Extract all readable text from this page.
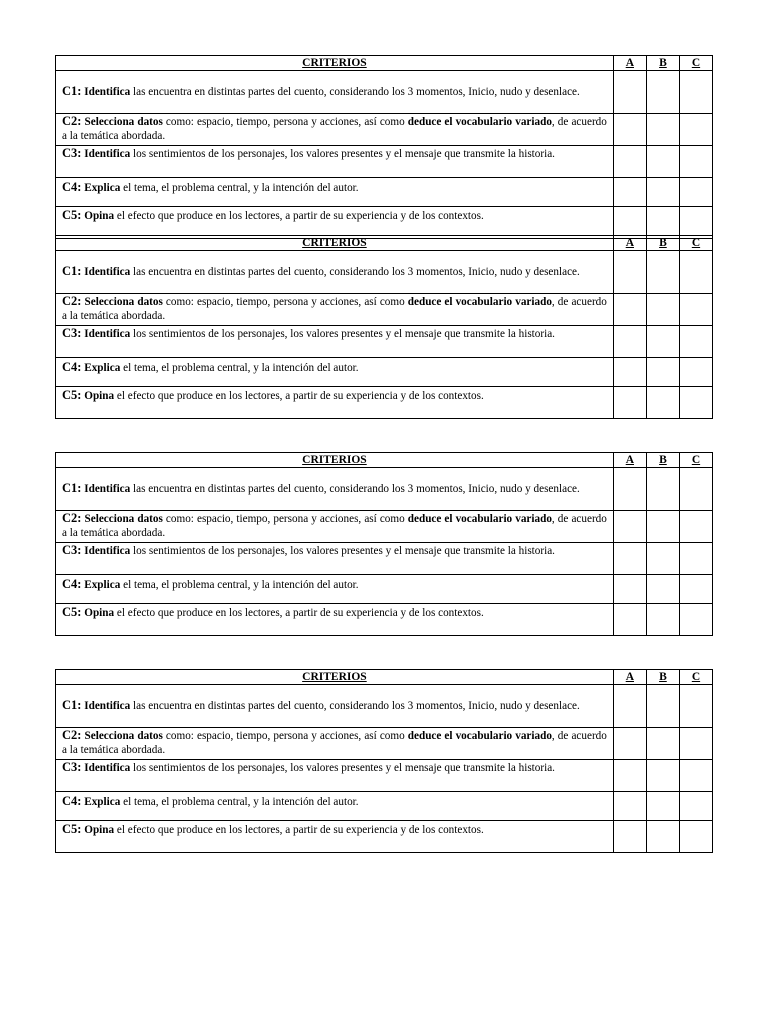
CRITERIOS	A	B	C
C1: Identifica las encuentra en distintas partes del cuento, considerando los 3 momentos, Inicio, nudo y desenlace.			
C2: Selecciona datos como: espacio, tiempo, persona y acciones, así como deduce el vocabulario variado, de acuerdo a la temática abordada.			
C3: Identifica los sentimientos de los personajes, los valores presentes y el mensaje que transmite la historia.			
C4: Explica el tema, el problema central, y la intención del autor.			
C5: Opina el efecto que produce en los lectores, a partir de su experiencia y de los contextos.			
CRITERIOS	A	B	C
C1: Identifica las encuentra en distintas partes del cuento, considerando los 3 momentos, Inicio, nudo y desenlace.			
C2: Selecciona datos como: espacio, tiempo, persona y acciones, así como deduce el vocabulario variado, de acuerdo a la temática abordada.			
C3: Identifica los sentimientos de los personajes, los valores presentes y el mensaje que transmite la historia.			
C4: Explica el tema, el problema central, y la intención del autor.			
C5: Opina el efecto que produce en los lectores, a partir de su experiencia y de los contextos.			
CRITERIOS	A	B	C
C1: Identifica las encuentra en distintas partes del cuento, considerando los 3 momentos, Inicio, nudo y desenlace.			
C2: Selecciona datos como: espacio, tiempo, persona y acciones, así como deduce el vocabulario variado, de acuerdo a la temática abordada.			
C3: Identifica los sentimientos de los personajes, los valores presentes y el mensaje que transmite la historia.			
C4: Explica el tema, el problema central, y la intención del autor.			
C5: Opina el efecto que produce en los lectores, a partir de su experiencia y de los contextos.			
CRITERIOS	A	B	C
C1: Identifica las encuentra en distintas partes del cuento, considerando los 3 momentos, Inicio, nudo y desenlace.			
C2: Selecciona datos como: espacio, tiempo, persona y acciones, así como deduce el vocabulario variado, de acuerdo a la temática abordada.			
C3: Identifica los sentimientos de los personajes, los valores presentes y el mensaje que transmite la historia.			
C4: Explica el tema, el problema central, y la intención del autor.			
C5: Opina el efecto que produce en los lectores, a partir de su experiencia y de los contextos.			
